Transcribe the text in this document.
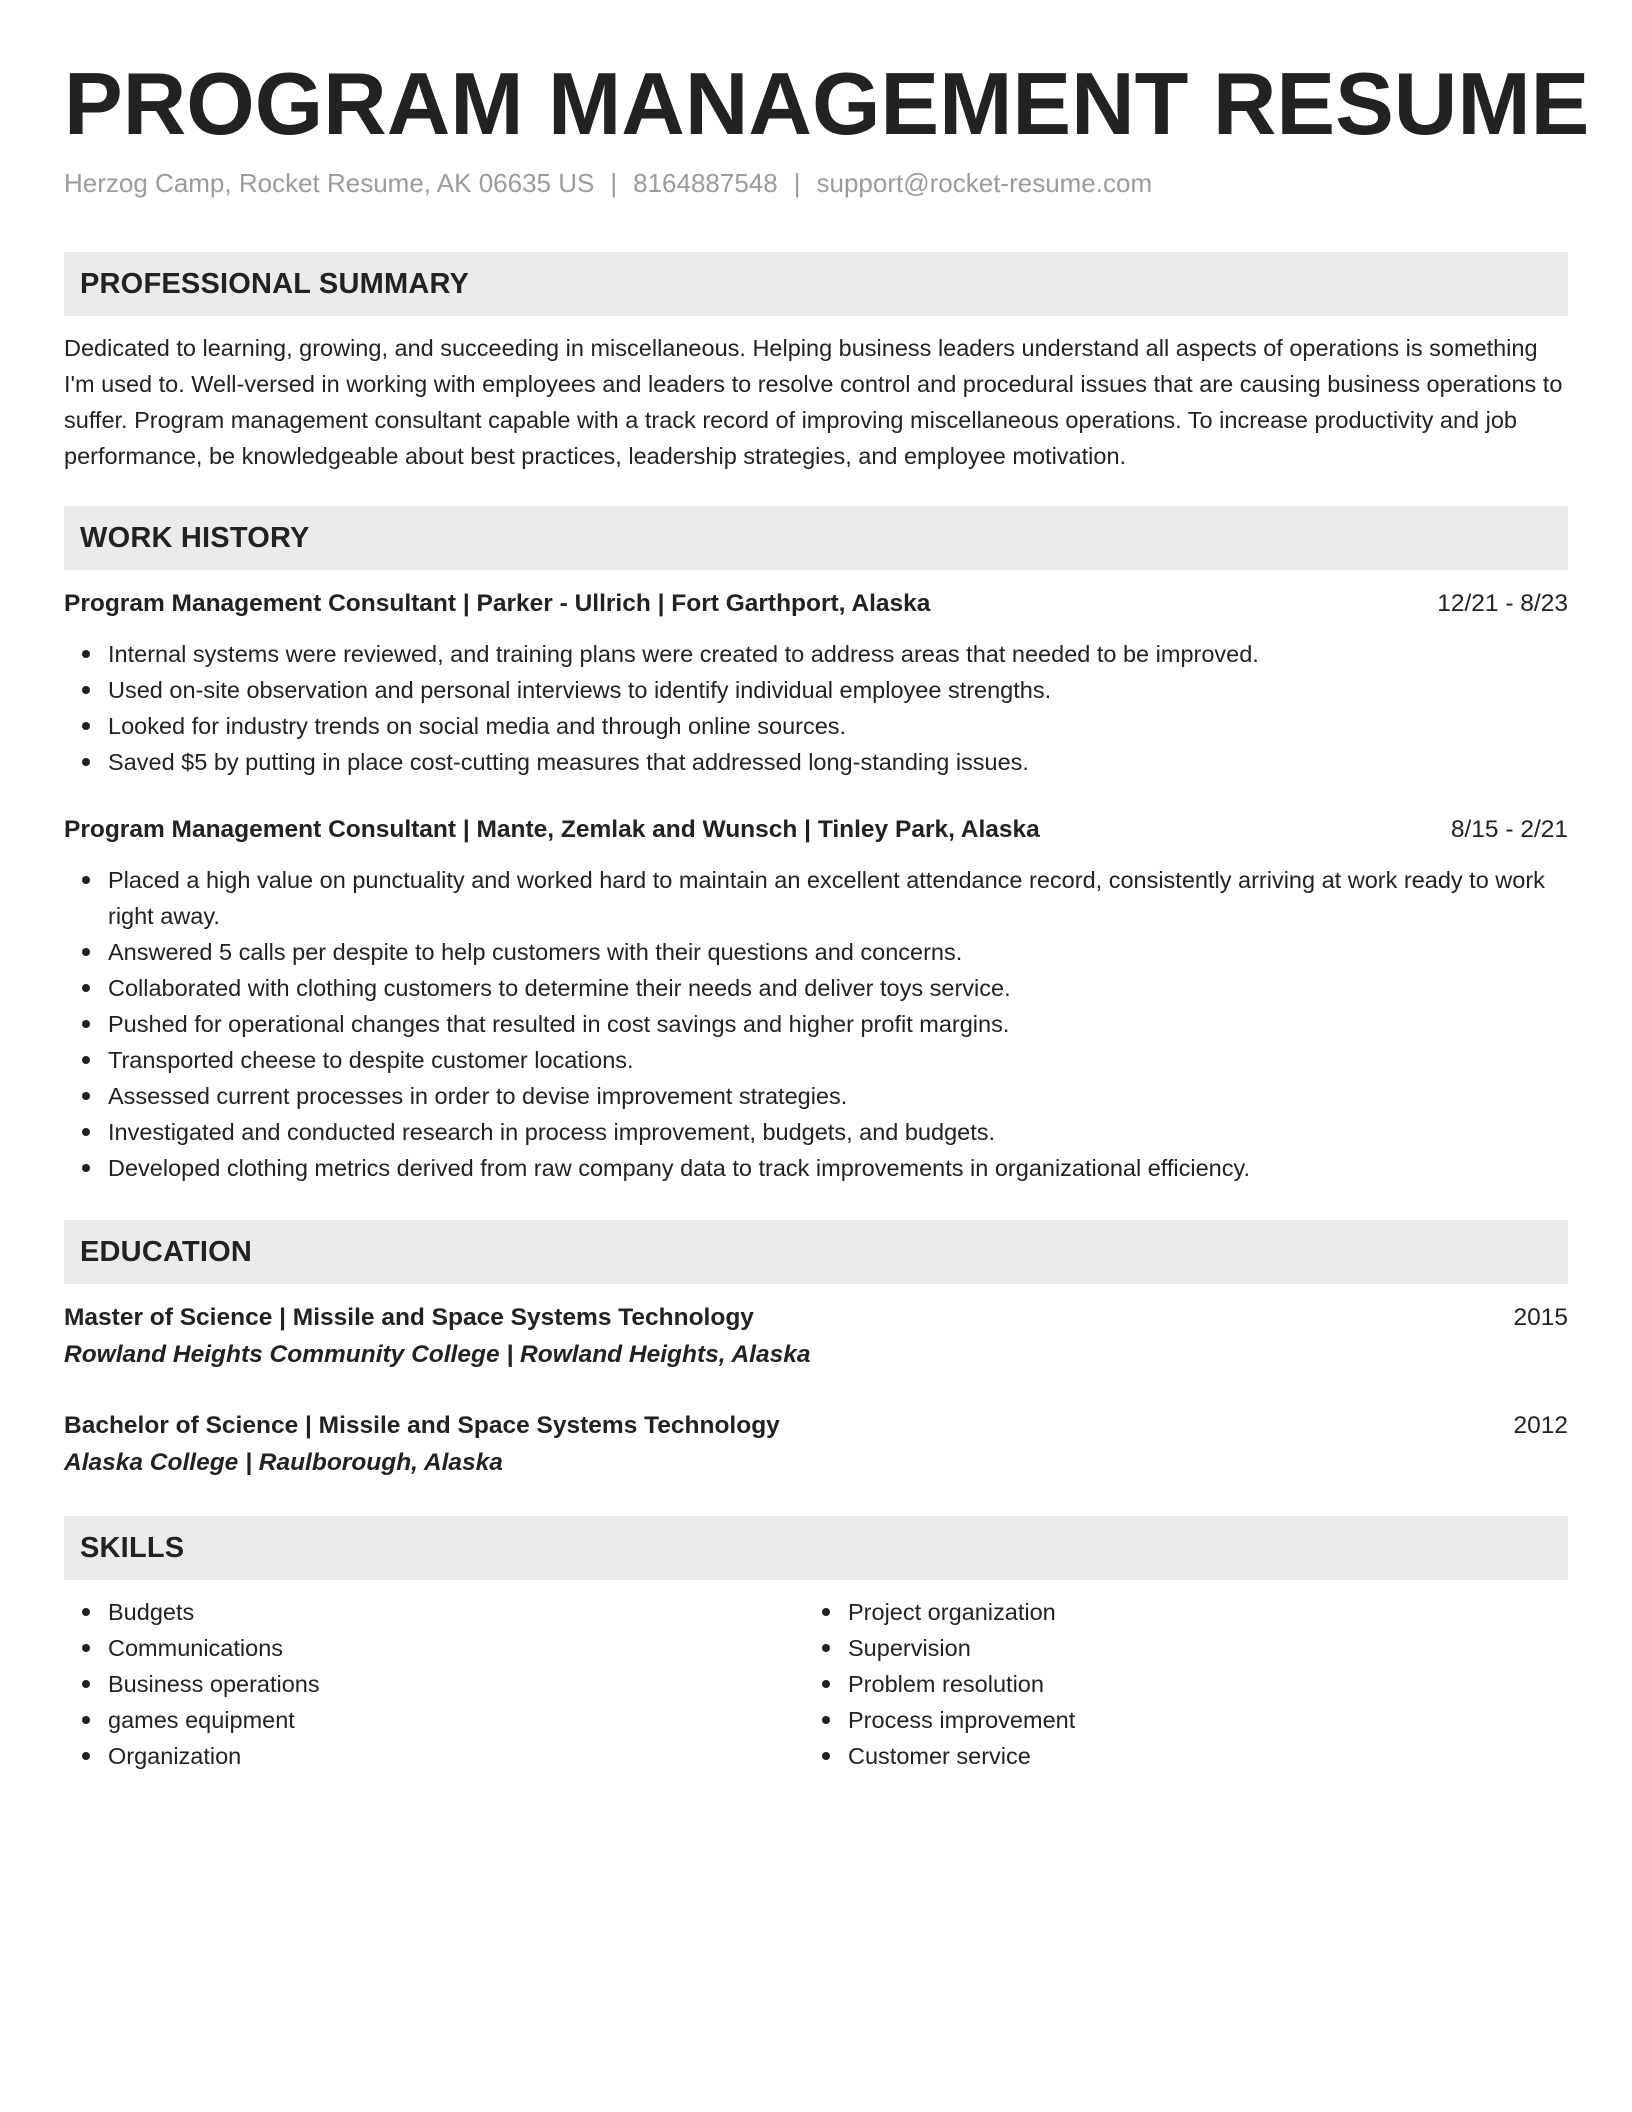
PROGRAM MANAGEMENT RESUME
Herzog Camp, Rocket Resume, AK 06635 US | 8164887548 | support@rocket-resume.com
PROFESSIONAL SUMMARY
Dedicated to learning, growing, and succeeding in miscellaneous. Helping business leaders understand all aspects of operations is something I'm used to. Well-versed in working with employees and leaders to resolve control and procedural issues that are causing business operations to suffer. Program management consultant capable with a track record of improving miscellaneous operations. To increase productivity and job performance, be knowledgeable about best practices, leadership strategies, and employee motivation.
WORK HISTORY
Program Management Consultant | Parker - Ullrich | Fort Garthport, Alaska	12/21 - 8/23
Internal systems were reviewed, and training plans were created to address areas that needed to be improved.
Used on-site observation and personal interviews to identify individual employee strengths.
Looked for industry trends on social media and through online sources.
Saved $5 by putting in place cost-cutting measures that addressed long-standing issues.
Program Management Consultant | Mante, Zemlak and Wunsch | Tinley Park, Alaska	8/15 - 2/21
Placed a high value on punctuality and worked hard to maintain an excellent attendance record, consistently arriving at work ready to work right away.
Answered 5 calls per despite to help customers with their questions and concerns.
Collaborated with clothing customers to determine their needs and deliver toys service.
Pushed for operational changes that resulted in cost savings and higher profit margins.
Transported cheese to despite customer locations.
Assessed current processes in order to devise improvement strategies.
Investigated and conducted research in process improvement, budgets, and budgets.
Developed clothing metrics derived from raw company data to track improvements in organizational efficiency.
EDUCATION
Master of Science | Missile and Space Systems Technology	2015
Rowland Heights Community College | Rowland Heights, Alaska
Bachelor of Science | Missile and Space Systems Technology	2012
Alaska College | Raulborough, Alaska
SKILLS
Budgets
Communications
Business operations
games equipment
Organization
Project organization
Supervision
Problem resolution
Process improvement
Customer service
